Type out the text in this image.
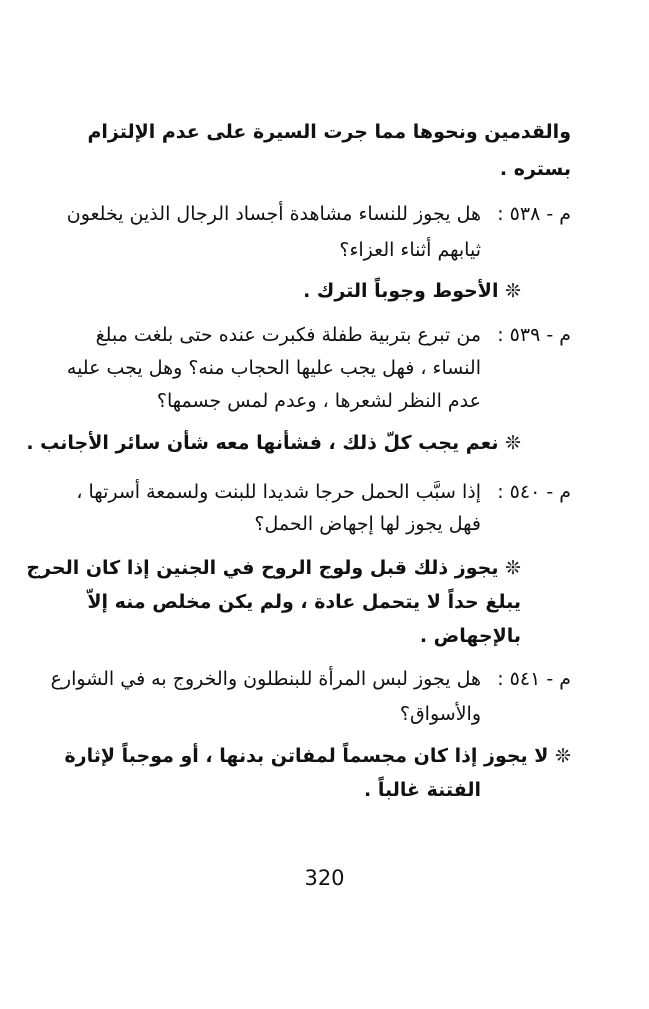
والقدمين ونحوها مما جرت السيرة على عدم الإلتزام
بستره .
م - ٥٣٨ :
هل يجوز للنساء مشاهدة أجساد الرجال الذين يخلعون
ثيابهم أثناء العزاء؟
❊ الأحوط وجوباً الترك .
م - ٥٣٩ :
من تبرع بتربية طفلة فكبرت عنده حتى بلغت مبلغ
النساء ، فهل يجب عليها الحجاب منه؟ وهل يجب عليه
عدم النظر لشعرها ، وعدم لمس جسمها؟
❊ نعم يجب كلّ ذلك ، فشأنها معه شأن سائر الأجانب .
م - ٥٤٠ :
إذا سبَّب الحمل حرجا شديدا للبنت ولسمعة أسرتها ،
فهل يجوز لها إجهاض الحمل؟
❊ يجوز ذلك قبل ولوج الروح في الجنين إذا كان الحرج
يبلغ حداً لا يتحمل عادة ، ولم يكن مخلص منه إلاّ
بالإجهاض .
م - ٥٤١ :
هل يجوز لبس المرأة للبنطلون والخروج به في الشوارع
والأسواق؟
❊ لا يجوز إذا كان مجسماً لمفاتن بدنها ، أو موجباً لإثارة
الفتنة غالباً .
320
